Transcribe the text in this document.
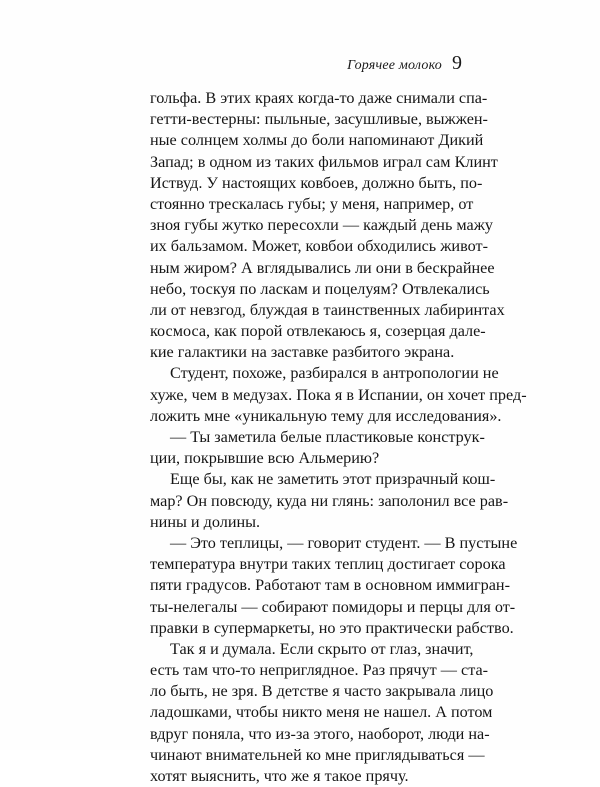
Горячее молоко 9
гольфа. В этих краях когда-то даже снимали спа-
гетти-вестерны: пыльные, засушливые, выжжен-
ные солнцем холмы до боли напоминают Дикий
Запад; в одном из таких фильмов играл сам Клинт
Иствуд. У настоящих ковбоев, должно быть, по-
стоянно трескалась губы; у меня, например, от
зноя губы жутко пересохли — каждый день мажу
их бальзамом. Может, ковбои обходились живот-
ным жиром? А вглядывались ли они в бескрайнее
небо, тоскуя по ласкам и поцелуям? Отвлекались
ли от невзгод, блуждая в таинственных лабиринтах
космоса, как порой отвлекаюсь я, созерцая дале-
кие галактики на заставке разбитого экрана.
Студент, похоже, разбирался в антропологии не
хуже, чем в медузах. Пока я в Испании, он хочет пред-
ложить мне «уникальную тему для исследования».
— Ты заметила белые пластиковые конструк-
ции, покрывшие всю Альмерию?
Еще бы, как не заметить этот призрачный кош-
мар? Он повсюду, куда ни глянь: заполонил все рав-
нины и долины.
— Это теплицы, — говорит студент. — В пустыне
температура внутри таких теплиц достигает сорока
пяти градусов. Работают там в основном иммигран-
ты-нелегалы — собирают помидоры и перцы для от-
правки в супермаркеты, но это практически рабство.
Так я и думала. Если скрыто от глаз, значит,
есть там что-то неприглядное. Раз прячут — ста-
ло быть, не зря. В детстве я часто закрывала лицо
ладошками, чтобы никто меня не нашел. А потом
вдруг поняла, что из-за этого, наоборот, люди на-
чинают внимательней ко мне приглядываться —
хотят выяснить, что же я такое прячу.
